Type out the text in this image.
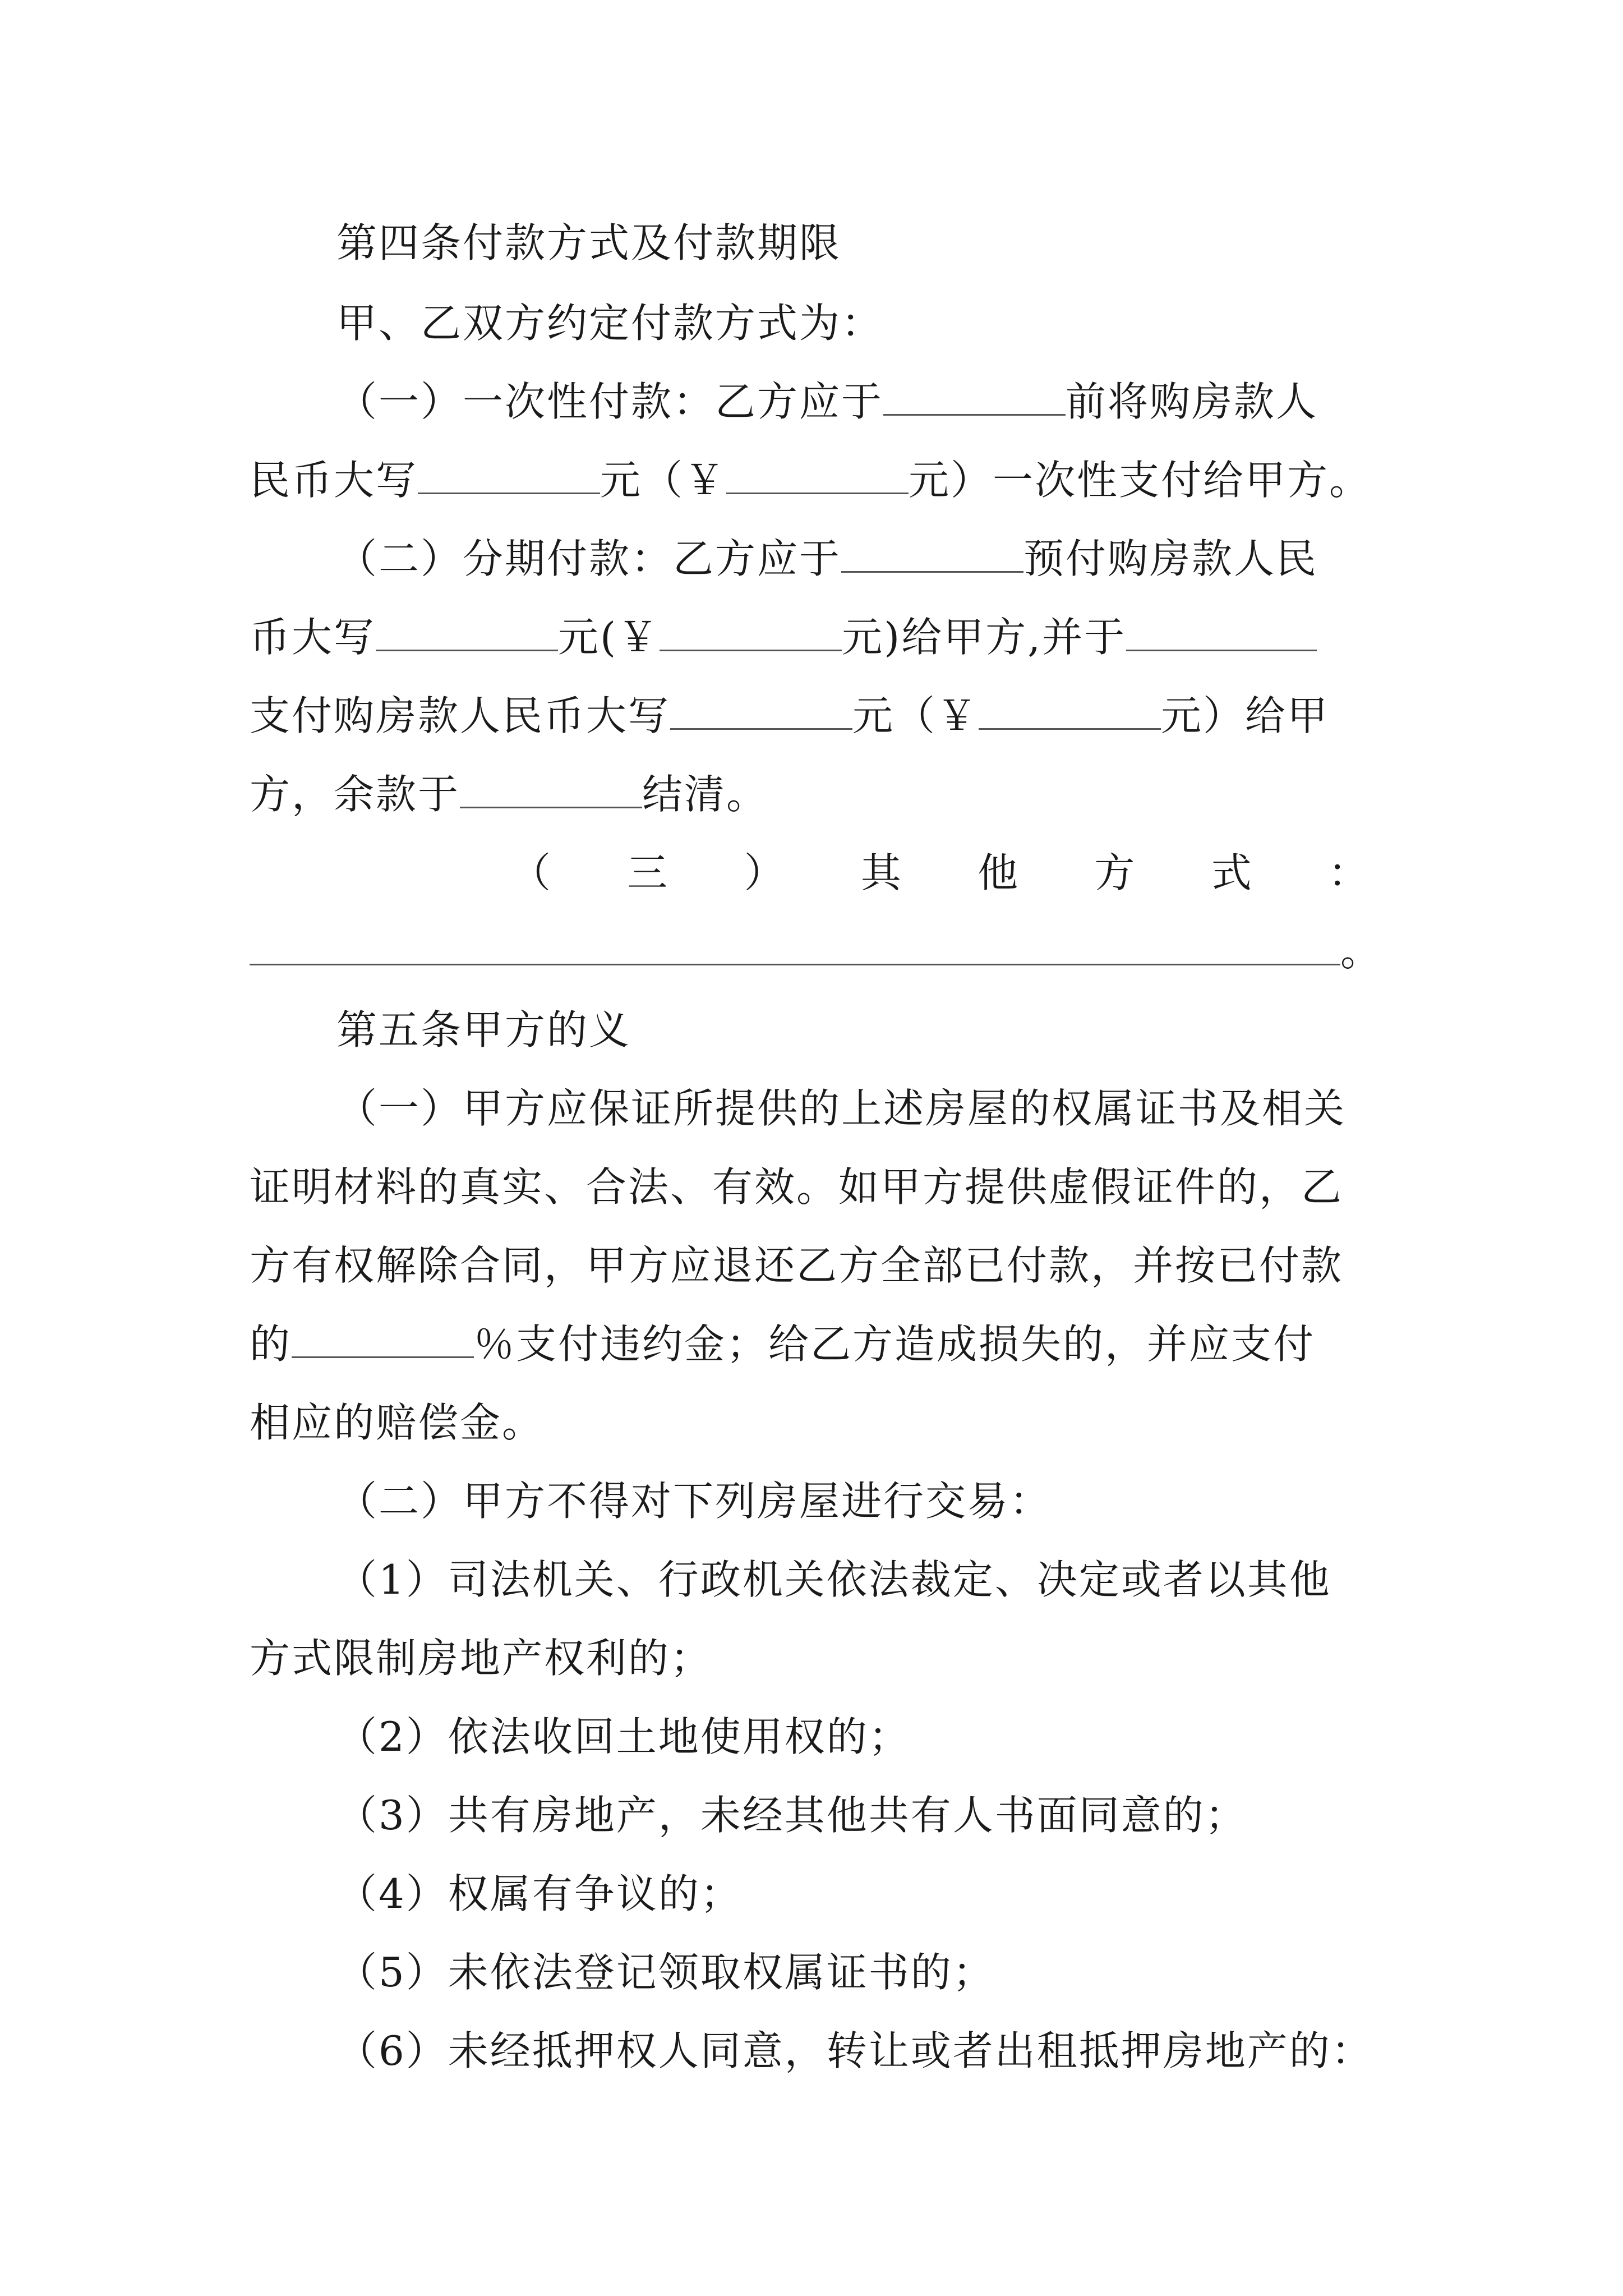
第四条付款方式及付款期限
甲、乙双方约定付款方式为：
（一）一次性付款：乙方应于	前将购房款人
民币大写	元（￥	元）一次性支付给甲方。
（二）分期付款：乙方应于	预付购房款人民
币大写	元(￥	元)给甲方,并于
支付购房款人民币大写	元（￥	元）给甲
方，余款于	结清。
（ 三 ） 其 他 方 式 ：
。
第五条甲方的义
（一）甲方应保证所提供的上述房屋的权属证书及相关
证明材料的真实、合法、有效。如甲方提供虚假证件的，乙
方有权解除合同，甲方应退还乙方全部已付款，并按已付款
的	％支付违约金；给乙方造成损失的，并应支付
相应的赔偿金。
（二）甲方不得对下列房屋进行交易：
（1）司法机关、行政机关依法裁定、决定或者以其他
方式限制房地产权利的；
（2）依法收回土地使用权的；
（3）共有房地产，未经其他共有人书面同意的；
（4）权属有争议的；
（5）未依法登记领取权属证书的；
（6）未经抵押权人同意，转让或者出租抵押房地产的：
